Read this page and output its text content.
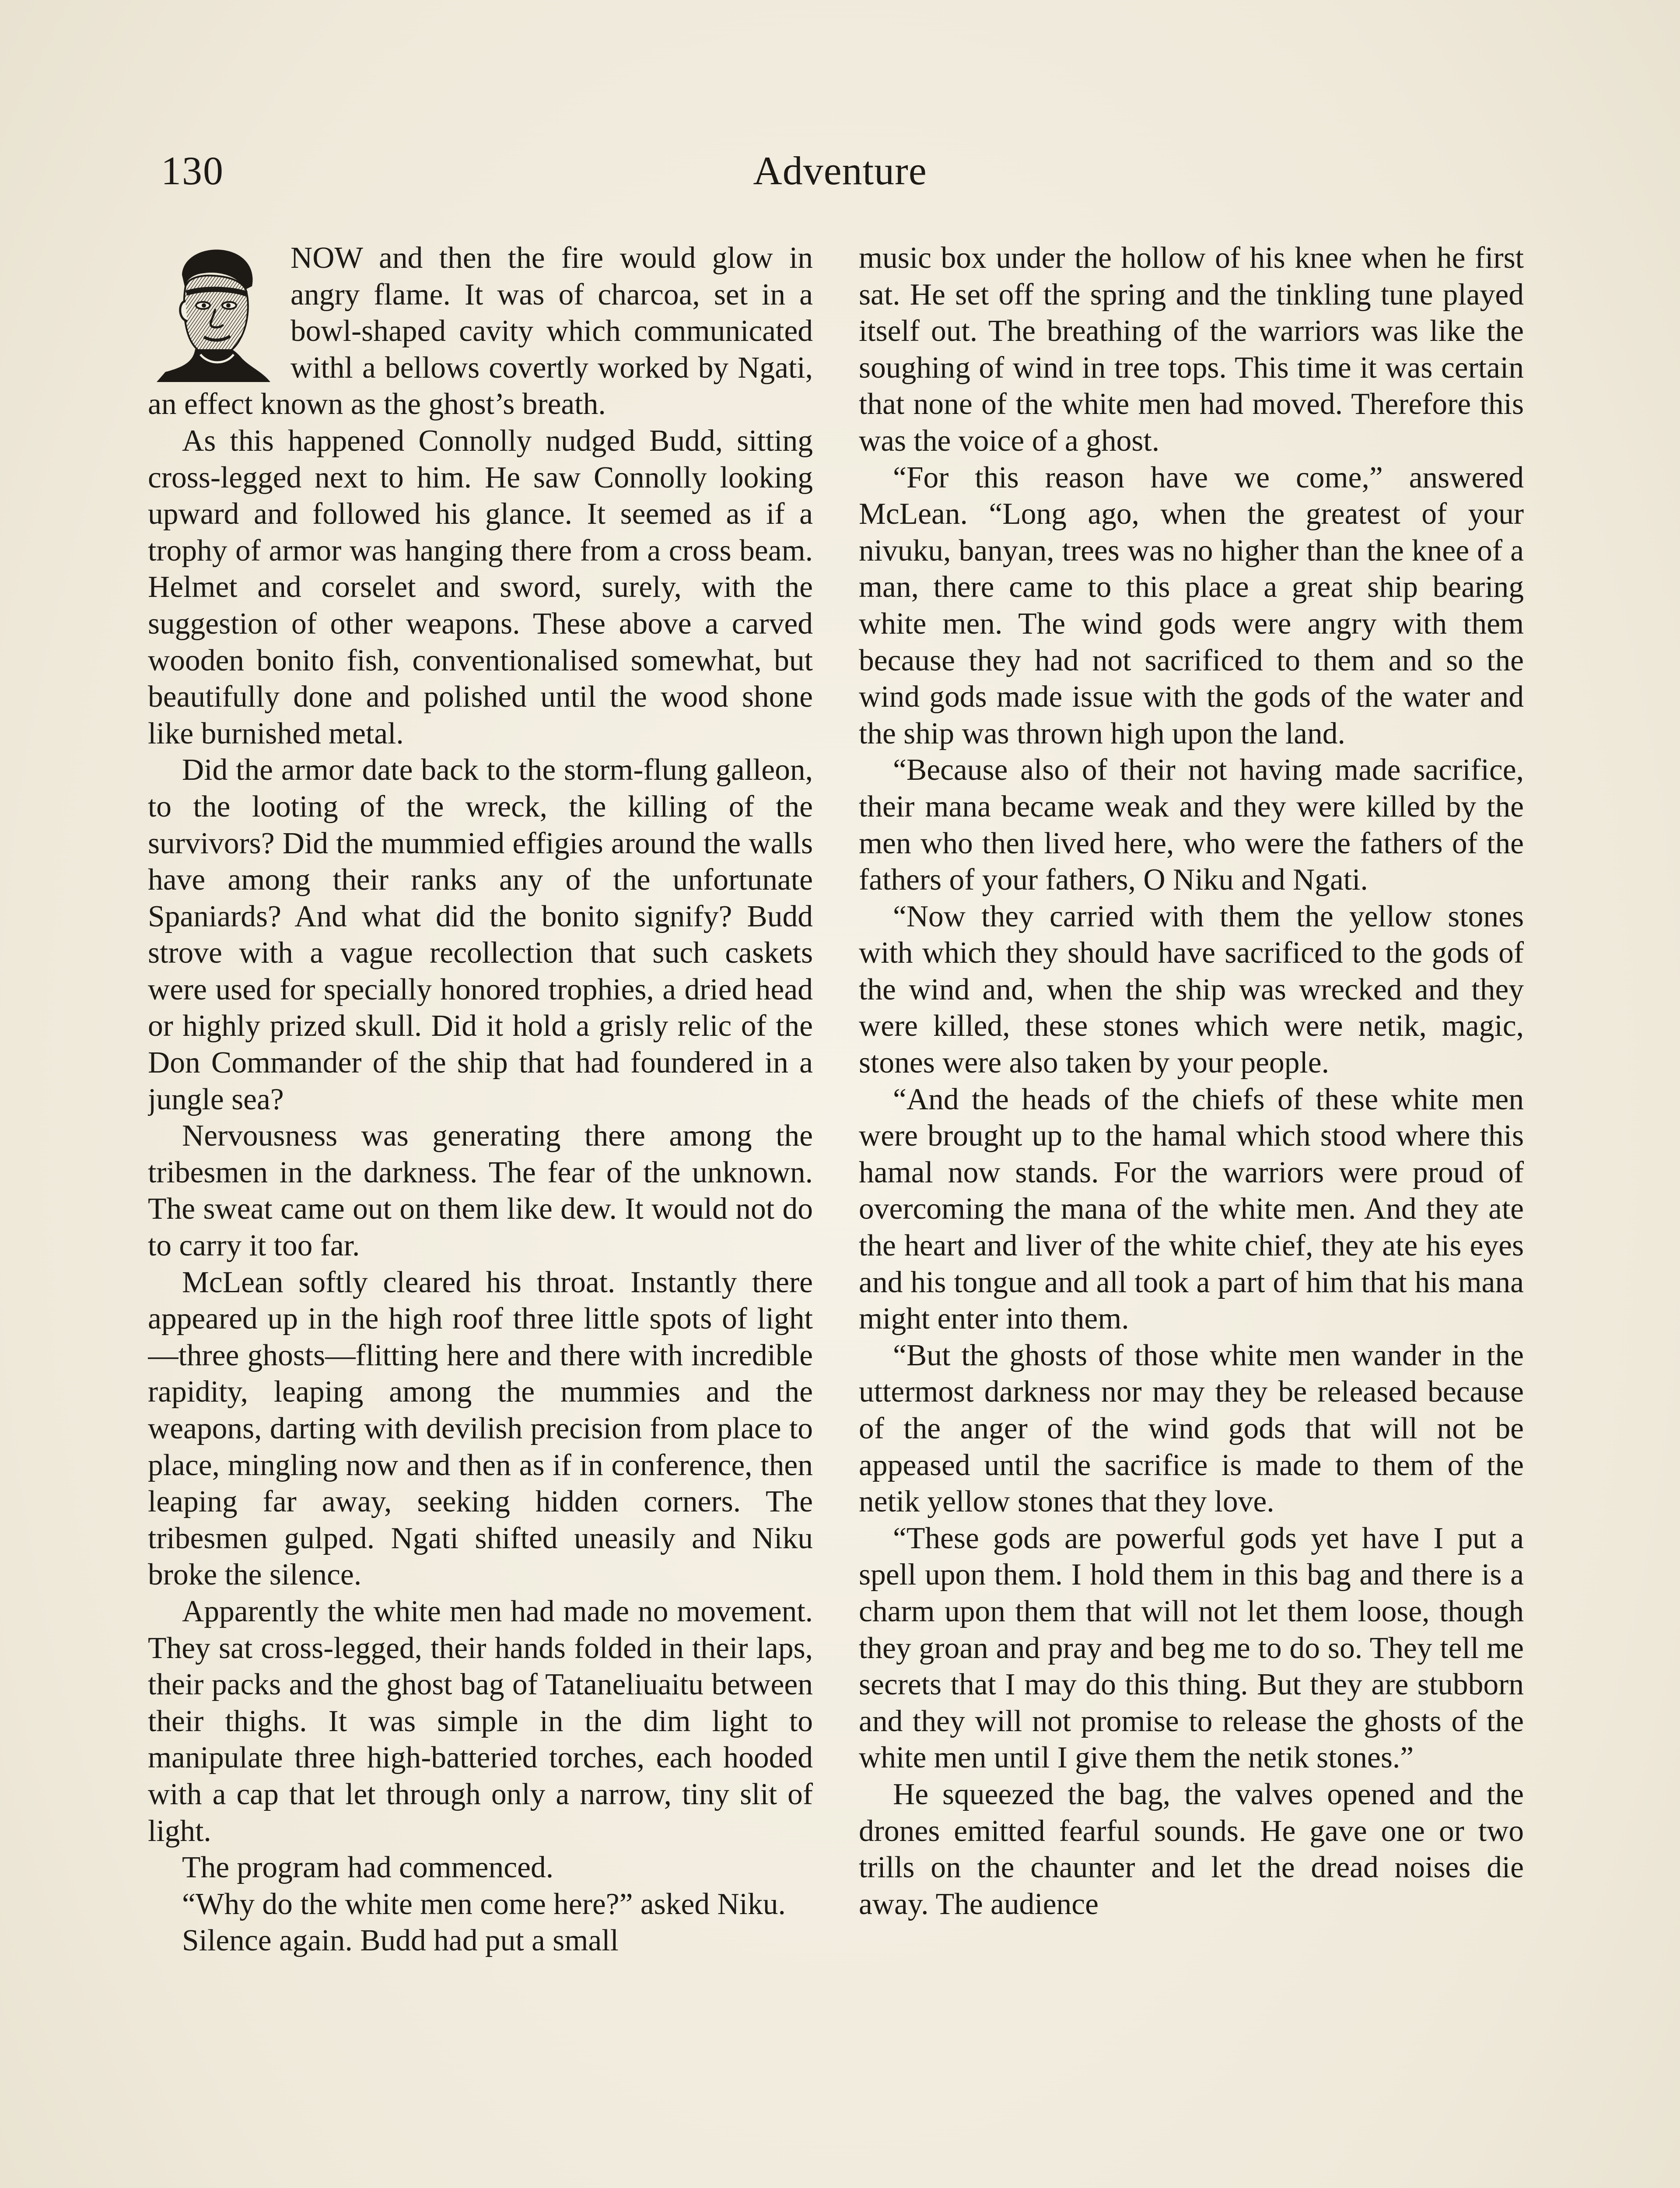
130	Adventure

NOW and then the fire would glow in angry flame. It was of charcoa, set in a bowl-shaped cavity which communicated withl a bellows covertly worked by Ngati, an effect known as the ghost’s breath.

As this happened Connolly nudged Budd, sitting cross-legged next to him. He saw Connolly looking upward and followed his glance. It seemed as if a trophy of armor was hanging there from a cross beam. Helmet and corselet and sword, surely, with the suggestion of other weapons. These above a carved wooden bonito fish, conventionalised somewhat, but beautifully done and polished until the wood shone like burnished metal.

Did the armor date back to the storm-flung galleon, to the looting of the wreck, the killing of the survivors? Did the mummied effigies around the walls have among their ranks any of the unfortunate Spaniards? And what did the bonito signify? Budd strove with a vague recollection that such caskets were used for specially honored trophies, a dried head or highly prized skull. Did it hold a grisly relic of the Don Commander of the ship that had foundered in a jungle sea?

Nervousness was generating there among the tribesmen in the darkness. The fear of the unknown. The sweat came out on them like dew. It would not do to carry it too far.

McLean softly cleared his throat. Instantly there appeared up in the high roof three little spots of light—three ghosts—flitting here and there with incredible rapidity, leaping among the mummies and the weapons, darting with devilish precision from place to place, mingling now and then as if in conference, then leaping far away, seeking hidden corners. The tribesmen gulped. Ngati shifted uneasily and Niku broke the silence.

Apparently the white men had made no movement. They sat cross-legged, their hands folded in their laps, their packs and the ghost bag of Tataneliuaitu between their thighs. It was simple in the dim light to manipulate three high-batteried torches, each hooded with a cap that let through only a narrow, tiny slit of light.

The program had commenced.

“Why do the white men come here?” asked Niku.

Silence again. Budd had put a small

music box under the hollow of his knee when he first sat. He set off the spring and the tinkling tune played itself out. The breathing of the warriors was like the soughing of wind in tree tops. This time it was certain that none of the white men had moved. Therefore this was the voice of a ghost.

“For this reason have we come,” answered McLean. “Long ago, when the greatest of your nivuku, banyan, trees was no higher than the knee of a man, there came to this place a great ship bearing white men. The wind gods were angry with them because they had not sacrificed to them and so the wind gods made issue with the gods of the water and the ship was thrown high upon the land.

“Because also of their not having made sacrifice, their mana became weak and they were killed by the men who then lived here, who were the fathers of the fathers of your fathers, O Niku and Ngati.

“Now they carried with them the yellow stones with which they should have sacrificed to the gods of the wind and, when the ship was wrecked and they were killed, these stones which were netik, magic, stones were also taken by your people.

“And the heads of the chiefs of these white men were brought up to the hamal which stood where this hamal now stands. For the warriors were proud of overcoming the mana of the white men. And they ate the heart and liver of the white chief, they ate his eyes and his tongue and all took a part of him that his mana might enter into them.

“But the ghosts of those white men wander in the uttermost darkness nor may they be released because of the anger of the wind gods that will not be appeased until the sacrifice is made to them of the netik yellow stones that they love.

“These gods are powerful gods yet have I put a spell upon them. I hold them in this bag and there is a charm upon them that will not let them loose, though they groan and pray and beg me to do so. They tell me secrets that I may do this thing. But they are stubborn and they will not promise to release the ghosts of the white men until I give them the netik stones.”

He squeezed the bag, the valves opened and the drones emitted fearful sounds. He gave one or two trills on the chaunter and let the dread noises die away. The audience
